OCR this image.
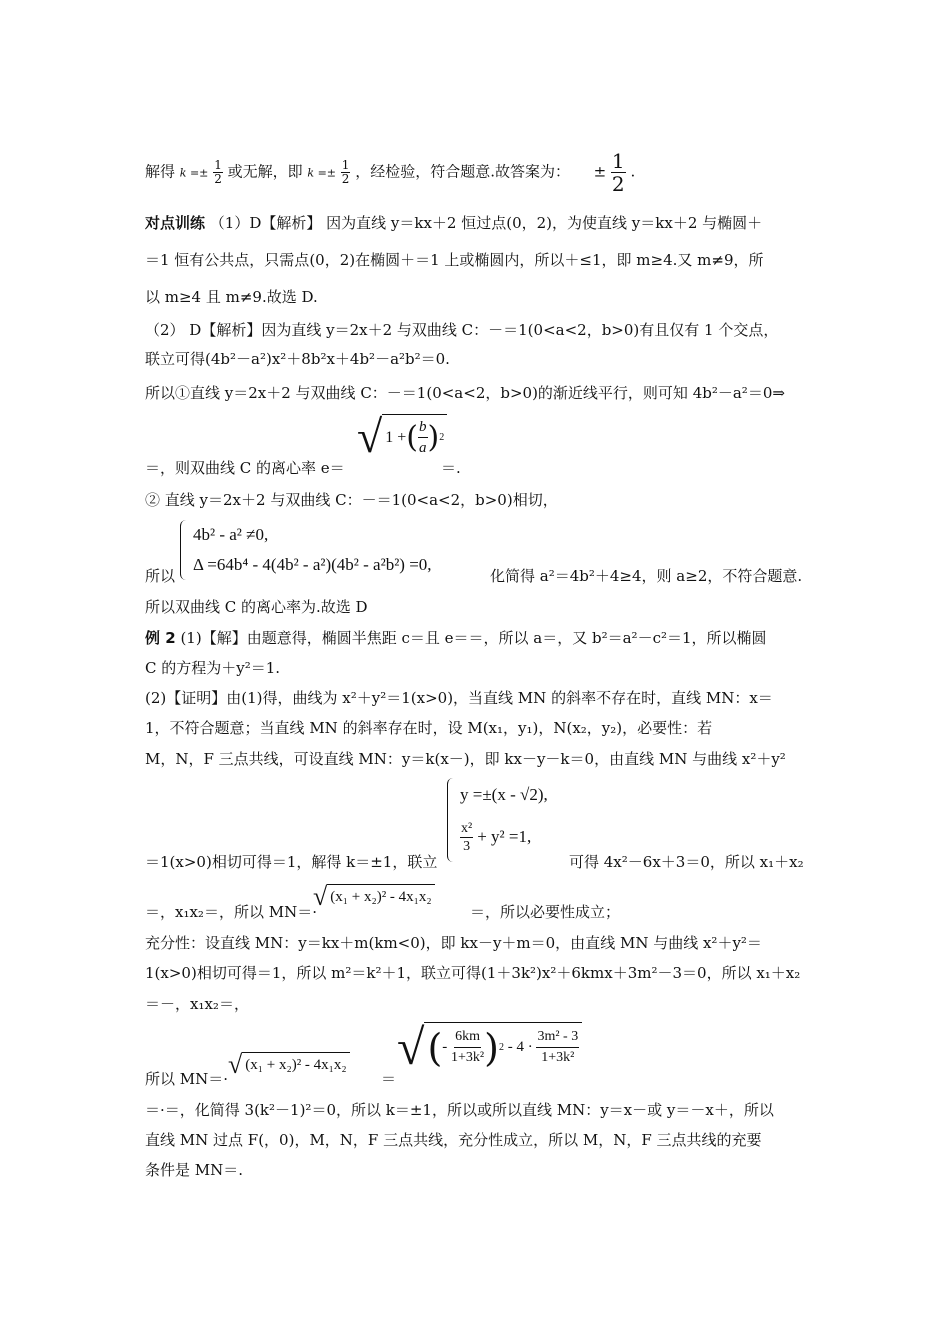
解得 $k =\pm \frac{1}{2}$ 或无解，即 $k =\pm \frac{1}{2}$ ，经检验，符合题意.故答案为： ± $\frac{1}{2}$ .
对点训练 （1）D【解析】 因为直线 y＝kx＋2 恒过点(0，2)，为使直线 y＝kx＋2 与椭圆＋
＝1 恒有公共点，只需点(0，2)在椭圆＋＝1 上或椭圆内，所以＋≤1，即 m≥4.又 m≠9，所
以 m≥4 且 m≠9.故选 D.
（2） D【解析】因为直线 y＝2x＋2 与双曲线 C：－＝1(0<a<2，b>0)有且仅有 1 个交点，
联立可得(4b²－a²)x²＋8b²x＋4b²－a²b²＝0.
所以①直线 y＝2x＋2 与双曲线 C：－＝1(0<a<2，b>0)的渐近线平行，则可知 4b²－a²＝0⇒
＝，则双曲线 C 的离心率 e＝
√ 1 + ( $\frac{b}{a}$ ) 2
＝.
② 直线 y＝2x＋2 与双曲线 C：－＝1(0<a<2，b>0)相切，
4b² - a² ≠0,
Δ =64b⁴ - 4(4b² - a²)(4b² - a²b²) =0,
所以	化简得 a²＝4b²＋4≥4，则 a≥2，不符合题意.
所以双曲线 C 的离心率为.故选 D
例 2 (1)【解】由题意得，椭圆半焦距 c＝且 e＝＝，所以 a＝，又 b²＝a²－c²＝1，所以椭圆
C 的方程为＋y²＝1.
(2)【证明】由(1)得，曲线为 x²＋y²＝1(x>0)，当直线 MN 的斜率不存在时，直线 MN：x＝
1，不符合题意；当直线 MN 的斜率存在时，设 M(x₁，y₁)，N(x₂，y₂)，必要性：若
M，N，F 三点共线，可设直线 MN：y＝k(x－)，即 kx－y－k＝0，由直线 MN 与曲线 x²＋y²
y =±(x - √2),
$\frac{\text{x²}}{3} + y^2 =1$,
＝1(x>0)相切可得＝1，解得 k＝±1，联立	可得 4x²－6x＋3＝0，所以 x₁＋x₂
＝，x₁x₂＝，所以 MN＝·
√ (x₁ + x₂)² - 4x₁x₂
＝，所以必要性成立；
充分性：设直线 MN：y＝kx＋m(km<0)，即 kx－y＋m＝0，由直线 MN 与曲线 x²＋y²＝
1(x>0)相切可得＝1，所以 m²＝k²＋1，联立可得(1＋3k²)x²＋6kmx＋3m²－3＝0，所以 x₁＋x₂
＝－，x₁x₂＝，
所以 MN＝· √ (x₁ + x₂)² - 4x₁x₂
＝
√ ( -
$\frac{6km}{\text{1+3k²}}$ ) 2
- 4 ·
$\frac{\text{3m² - 3}}{\text{1+3k²}}$
＝·＝，化简得 3(k²－1)²＝0，所以 k＝±1，所以或所以直线 MN：y＝x－或 y＝－x＋，所以
直线 MN 过点 F(，0)，M，N，F 三点共线，充分性成立，所以 M，N，F 三点共线的充要
条件是 MN＝.
